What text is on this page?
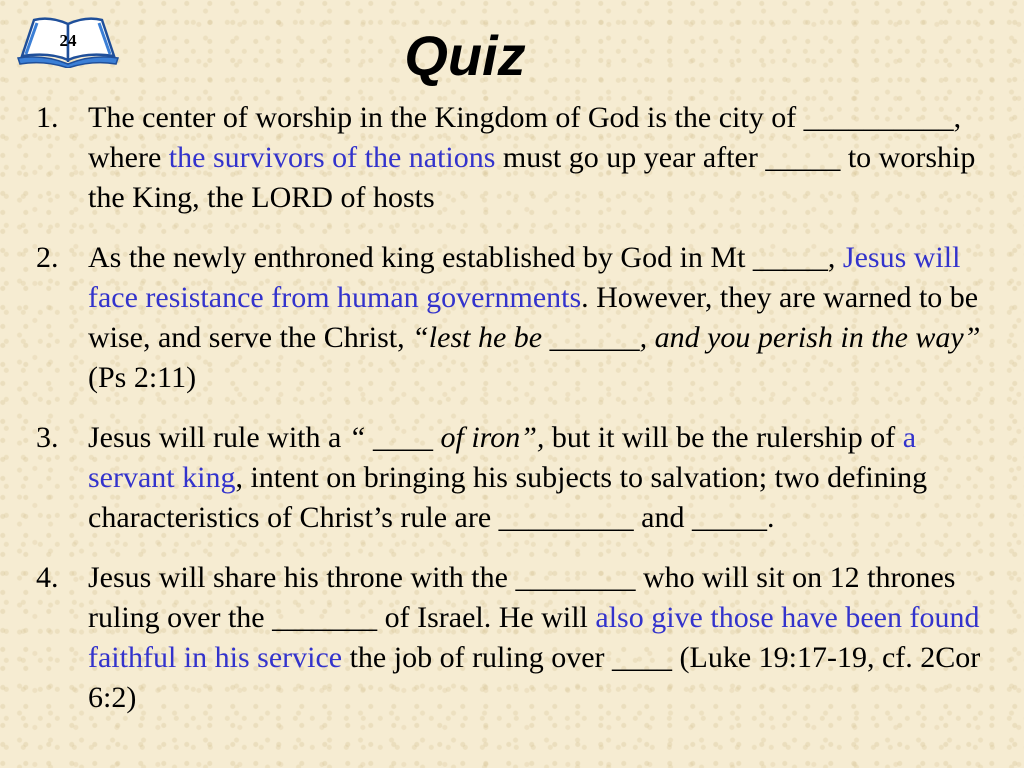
24	Quiz
1. The center of worship in the Kingdom of God is the city of __________, where the survivors of the nations must go up year after _____ to worship the King, the LORD of hosts
2. As the newly enthroned king established by God in Mt _____, Jesus will face resistance from human governments. However, they are warned to be wise, and serve the Christ, “lest he be ______, and you perish in the way” (Ps 2:11)
3. Jesus will rule with a “ ____ of iron”, but it will be the rulership of a servant king, intent on bringing his subjects to salvation; two defining characteristics of Christ’s rule are _________ and _____.
4. Jesus will share his throne with the ________ who will sit on 12 thrones ruling over the _______ of Israel. He will also give those have been found faithful in his service the job of ruling over ____ (Luke 19:17-19, cf. 2Cor 6:2)
